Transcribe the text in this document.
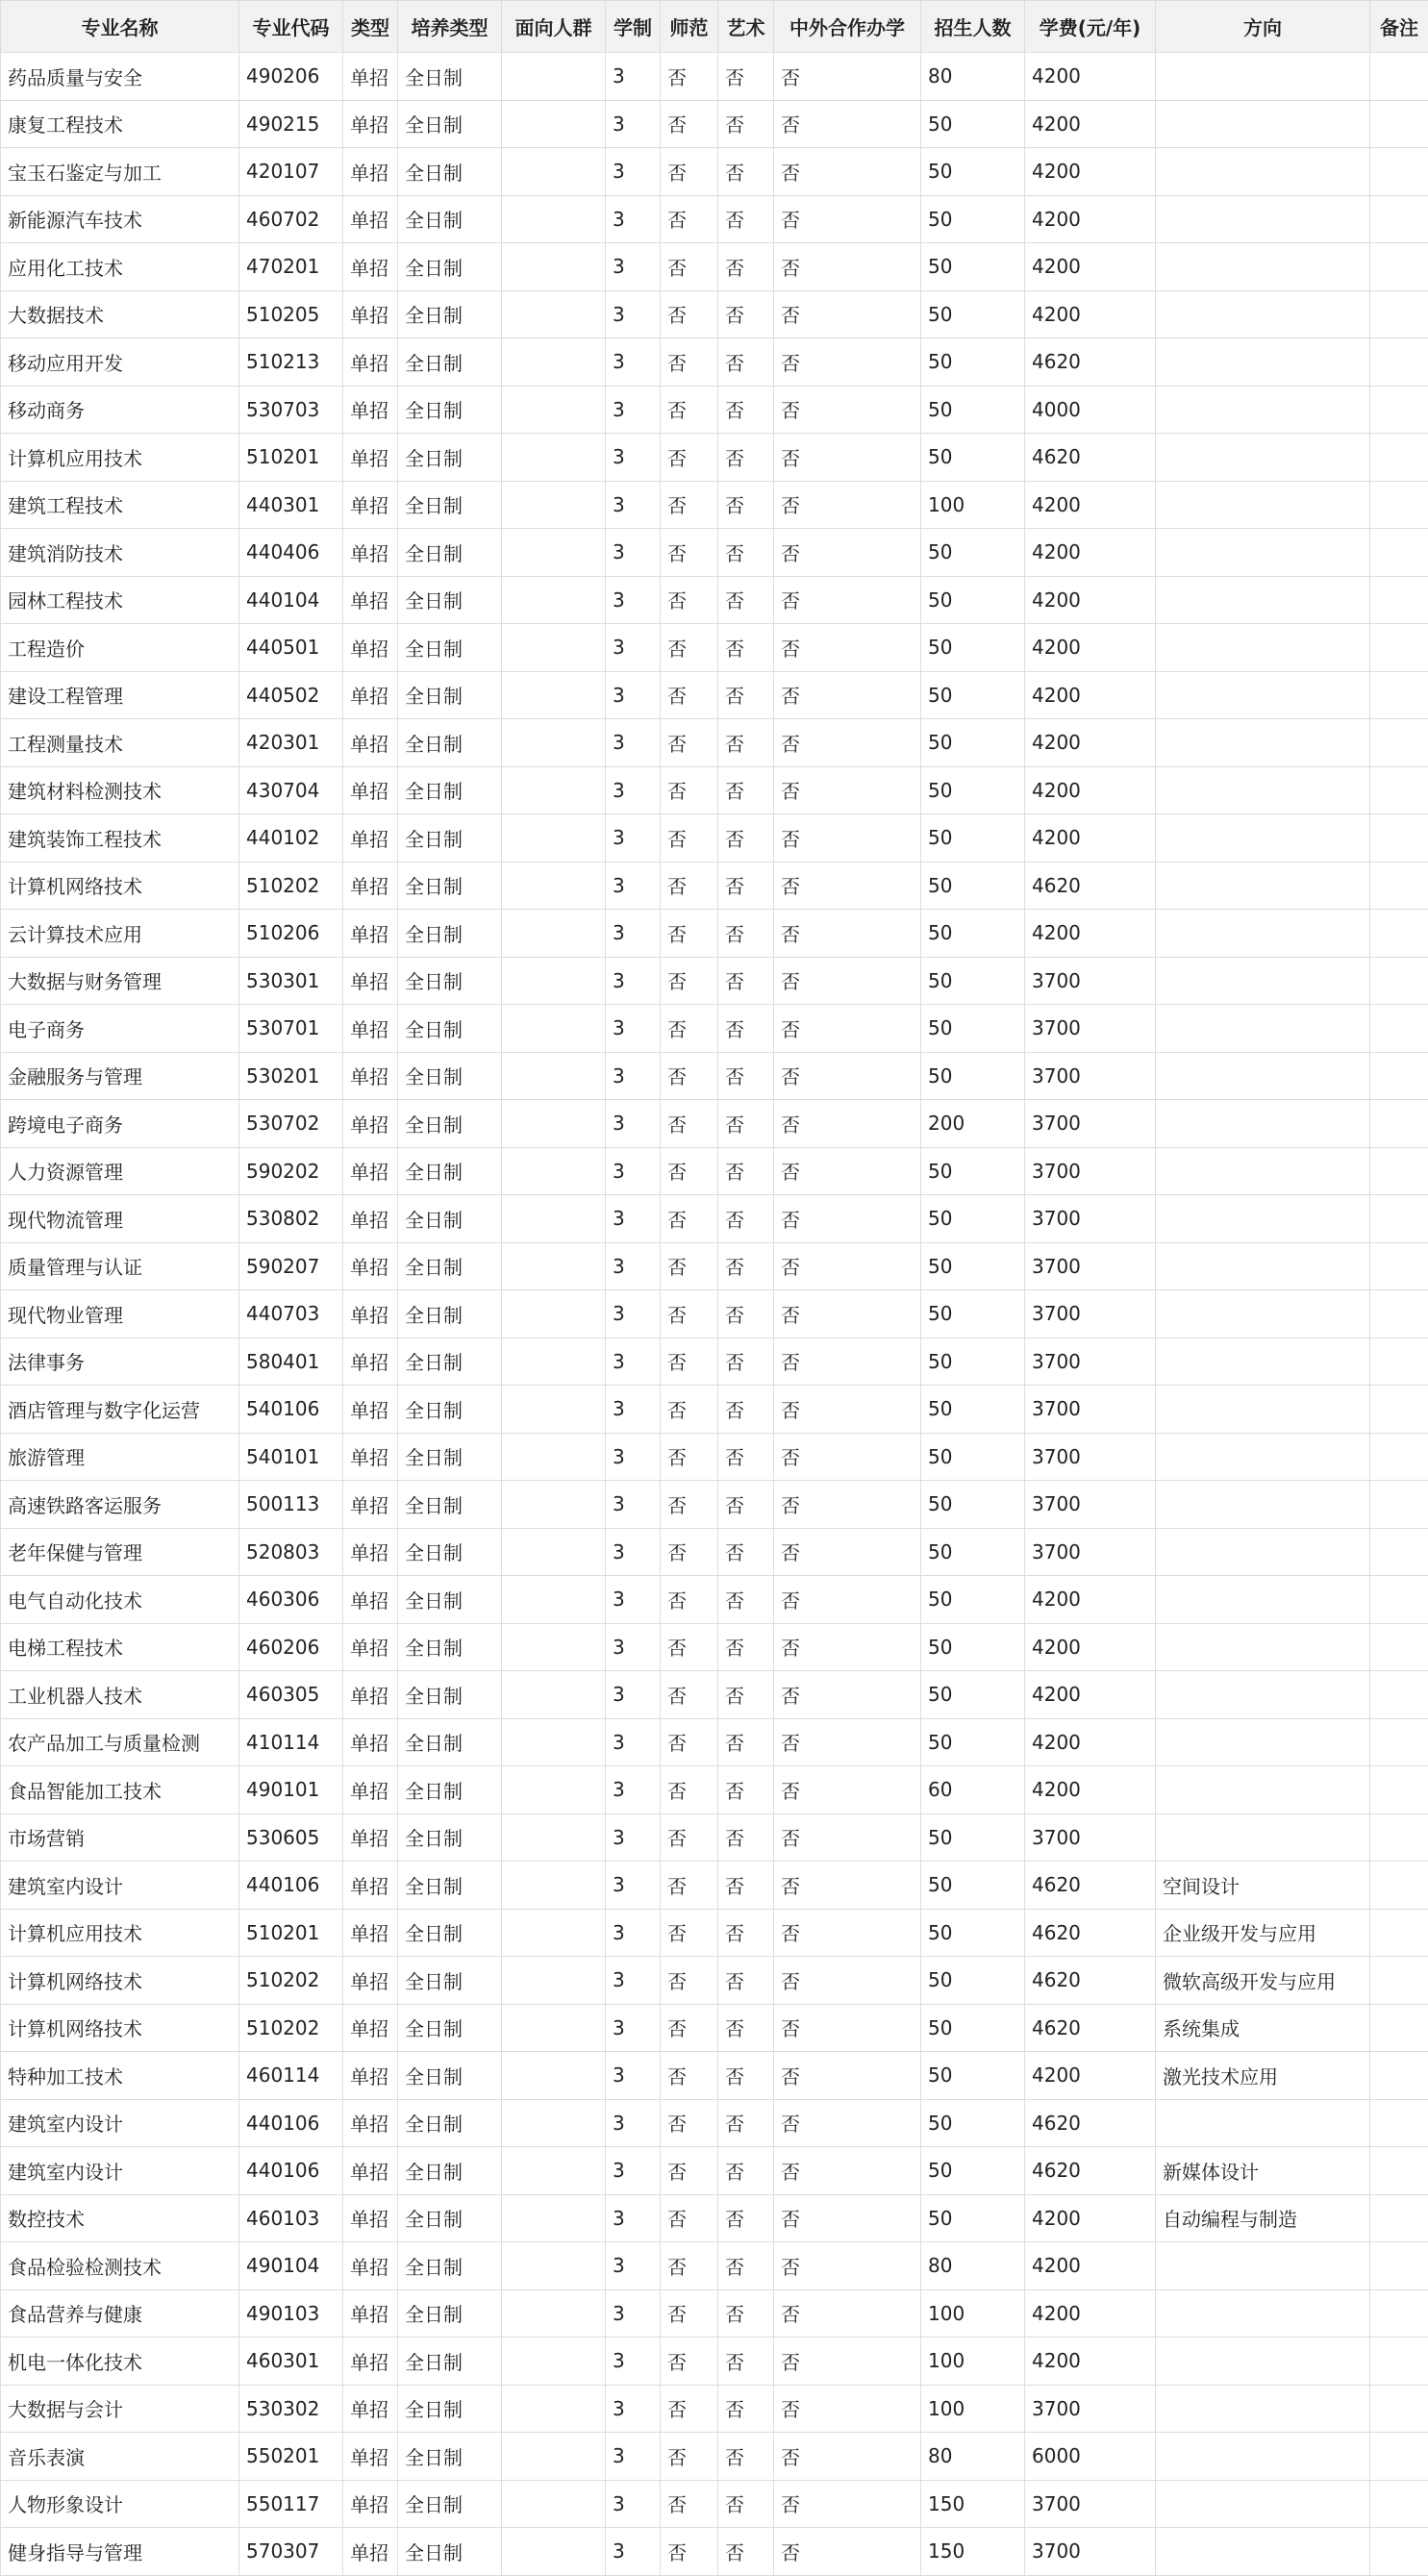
专业名称	专业代码	类型	培养类型	面向人群	学制	师范	艺术	中外合作办学	招生人数	学费(元/年)	方向	备注
药品质量与安全	490206	单招	全日制		3	否	否	否	80	4200		
康复工程技术	490215	单招	全日制		3	否	否	否	50	4200		
宝玉石鉴定与加工	420107	单招	全日制		3	否	否	否	50	4200		
新能源汽车技术	460702	单招	全日制		3	否	否	否	50	4200		
应用化工技术	470201	单招	全日制		3	否	否	否	50	4200		
大数据技术	510205	单招	全日制		3	否	否	否	50	4200		
移动应用开发	510213	单招	全日制		3	否	否	否	50	4620		
移动商务	530703	单招	全日制		3	否	否	否	50	4000		
计算机应用技术	510201	单招	全日制		3	否	否	否	50	4620		
建筑工程技术	440301	单招	全日制		3	否	否	否	100	4200		
建筑消防技术	440406	单招	全日制		3	否	否	否	50	4200		
园林工程技术	440104	单招	全日制		3	否	否	否	50	4200		
工程造价	440501	单招	全日制		3	否	否	否	50	4200		
建设工程管理	440502	单招	全日制		3	否	否	否	50	4200		
工程测量技术	420301	单招	全日制		3	否	否	否	50	4200		
建筑材料检测技术	430704	单招	全日制		3	否	否	否	50	4200		
建筑装饰工程技术	440102	单招	全日制		3	否	否	否	50	4200		
计算机网络技术	510202	单招	全日制		3	否	否	否	50	4620		
云计算技术应用	510206	单招	全日制		3	否	否	否	50	4200		
大数据与财务管理	530301	单招	全日制		3	否	否	否	50	3700		
电子商务	530701	单招	全日制		3	否	否	否	50	3700		
金融服务与管理	530201	单招	全日制		3	否	否	否	50	3700		
跨境电子商务	530702	单招	全日制		3	否	否	否	200	3700		
人力资源管理	590202	单招	全日制		3	否	否	否	50	3700		
现代物流管理	530802	单招	全日制		3	否	否	否	50	3700		
质量管理与认证	590207	单招	全日制		3	否	否	否	50	3700		
现代物业管理	440703	单招	全日制		3	否	否	否	50	3700		
法律事务	580401	单招	全日制		3	否	否	否	50	3700		
酒店管理与数字化运营	540106	单招	全日制		3	否	否	否	50	3700		
旅游管理	540101	单招	全日制		3	否	否	否	50	3700		
高速铁路客运服务	500113	单招	全日制		3	否	否	否	50	3700		
老年保健与管理	520803	单招	全日制		3	否	否	否	50	3700		
电气自动化技术	460306	单招	全日制		3	否	否	否	50	4200		
电梯工程技术	460206	单招	全日制		3	否	否	否	50	4200		
工业机器人技术	460305	单招	全日制		3	否	否	否	50	4200		
农产品加工与质量检测	410114	单招	全日制		3	否	否	否	50	4200		
食品智能加工技术	490101	单招	全日制		3	否	否	否	60	4200		
市场营销	530605	单招	全日制		3	否	否	否	50	3700		
建筑室内设计	440106	单招	全日制		3	否	否	否	50	4620	空间设计	
计算机应用技术	510201	单招	全日制		3	否	否	否	50	4620	企业级开发与应用	
计算机网络技术	510202	单招	全日制		3	否	否	否	50	4620	微软高级开发与应用	
计算机网络技术	510202	单招	全日制		3	否	否	否	50	4620	系统集成	
特种加工技术	460114	单招	全日制		3	否	否	否	50	4200	激光技术应用	
建筑室内设计	440106	单招	全日制		3	否	否	否	50	4620		
建筑室内设计	440106	单招	全日制		3	否	否	否	50	4620	新媒体设计	
数控技术	460103	单招	全日制		3	否	否	否	50	4200	自动编程与制造	
食品检验检测技术	490104	单招	全日制		3	否	否	否	80	4200		
食品营养与健康	490103	单招	全日制		3	否	否	否	100	4200		
机电一体化技术	460301	单招	全日制		3	否	否	否	100	4200		
大数据与会计	530302	单招	全日制		3	否	否	否	100	3700		
音乐表演	550201	单招	全日制		3	否	否	否	80	6000		
人物形象设计	550117	单招	全日制		3	否	否	否	150	3700		
健身指导与管理	570307	单招	全日制		3	否	否	否	150	3700		
